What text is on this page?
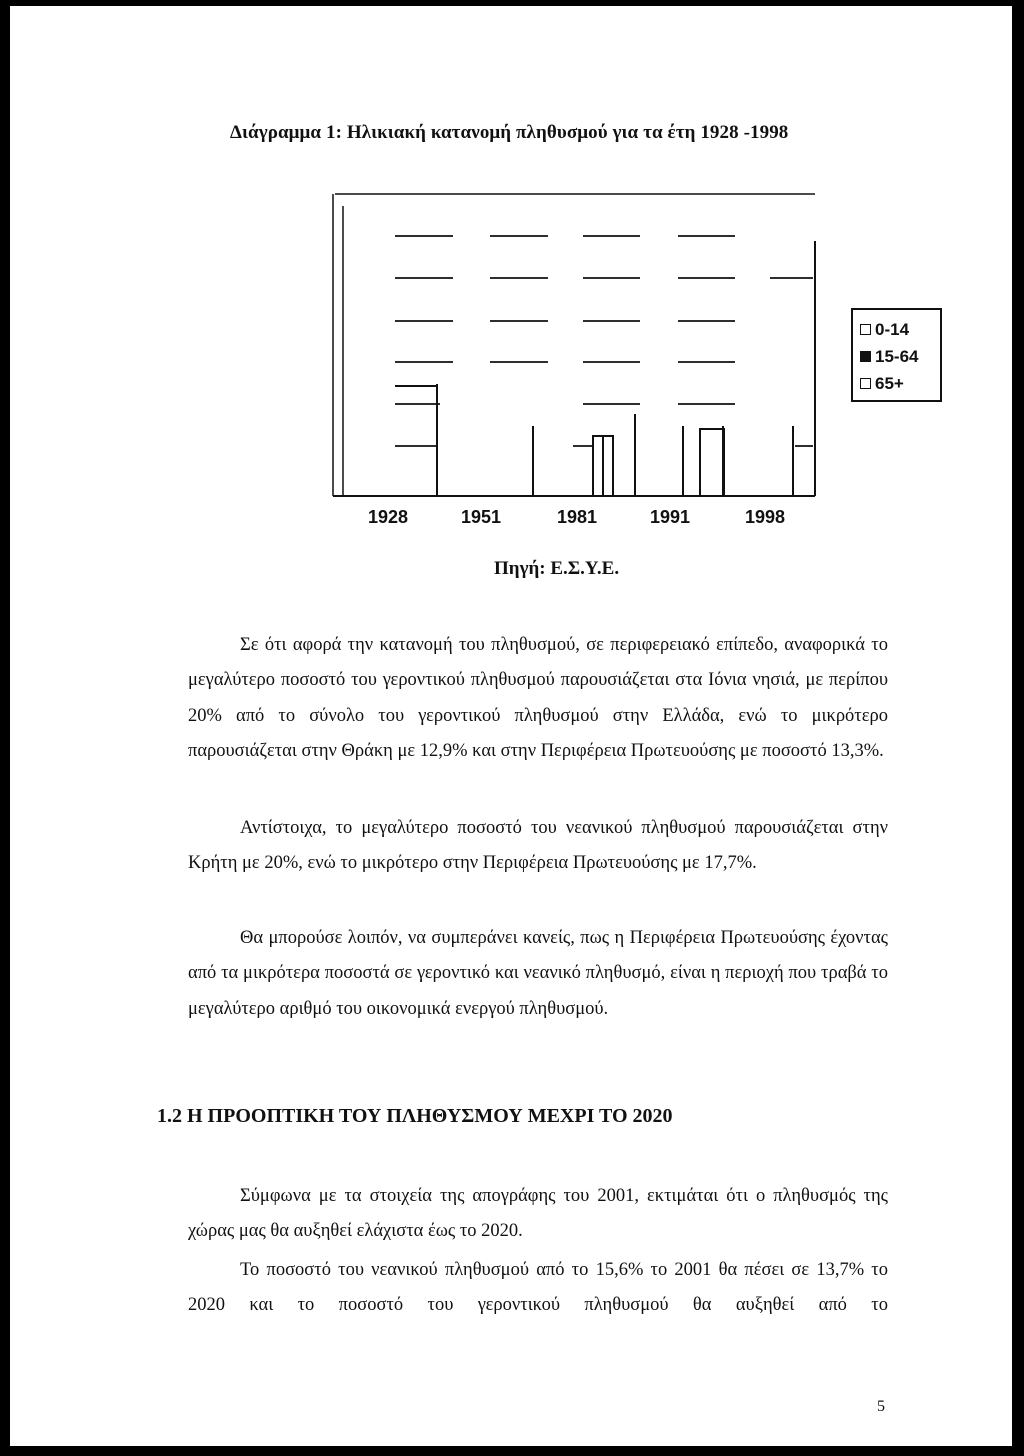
Διάγραμμα 1: Ηλικιακή κατανομή πληθυσμού για τα έτη 1928 -1998
1928	1951	1981	1991	1998
0-14
15-64
65+
Πηγή: Ε.Σ.Υ.Ε.
Σε ότι αφορά την κατανομή του πληθυσμού, σε περιφερειακό επίπεδο, αναφορικά το μεγαλύτερο ποσοστό του γεροντικού πληθυσμού παρουσιάζεται στα Ιόνια νησιά, με περίπου 20% από το σύνολο του γεροντικού πληθυσμού στην Ελλάδα, ενώ το μικρότερο παρουσιάζεται στην Θράκη με 12,9% και στην Περιφέρεια Πρωτευούσης με ποσοστό 13,3%.
Αντίστοιχα, το μεγαλύτερο ποσοστό του νεανικού πληθυσμού παρουσιάζεται στην Κρήτη με 20%, ενώ το μικρότερο στην Περιφέρεια Πρωτευούσης με 17,7%.
Θα μπορούσε λοιπόν, να συμπεράνει κανείς, πως η Περιφέρεια Πρωτευούσης έχοντας από τα μικρότερα ποσοστά σε γεροντικό και νεανικό πληθυσμό, είναι η περιοχή που τραβά το μεγαλύτερο αριθμό του οικονομικά ενεργού πληθυσμού.
1.2 Η ΠΡΟΟΠΤΙΚΗ ΤΟΥ ΠΛΗΘΥΣΜΟΥ ΜΕΧΡΙ ΤΟ 2020
Σύμφωνα με τα στοιχεία της απογράφης του 2001, εκτιμάται ότι ο πληθυσμός της χώρας μας θα αυξηθεί ελάχιστα έως το 2020.
Το ποσοστό του νεανικού πληθυσμού από το 15,6% το 2001 θα πέσει σε 13,7% το 2020 και το ποσοστό του γεροντικού πληθυσμού θα αυξηθεί από το
5
